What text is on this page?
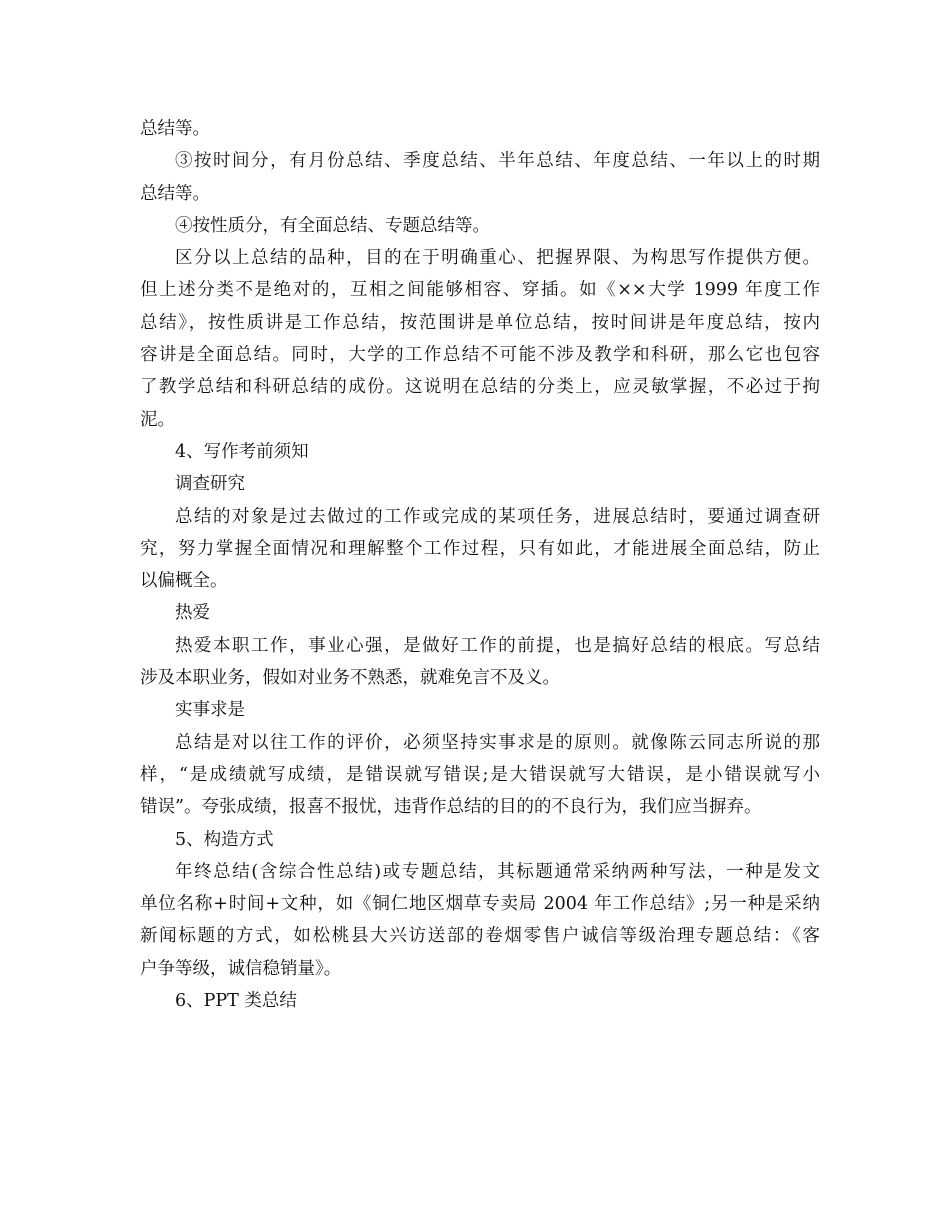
总结等。
③按时间分，有月份总结、季度总结、半年总结、年度总结、一年以上的时期
总结等。
④按性质分，有全面总结、专题总结等。
区分以上总结的品种，目的在于明确重心、把握界限、为构思写作提供方便。
但上述分类不是绝对的，互相之间能够相容、穿插。如《××大学 1999 年度工作
总结》，按性质讲是工作总结，按范围讲是单位总结，按时间讲是年度总结，按内
容讲是全面总结。同时，大学的工作总结不可能不涉及教学和科研，那么它也包容
了教学总结和科研总结的成份。这说明在总结的分类上，应灵敏掌握，不必过于拘
泥。
4、写作考前须知
调查研究
总结的对象是过去做过的工作或完成的某项任务，进展总结时，要通过调查研
究，努力掌握全面情况和理解整个工作过程，只有如此，才能进展全面总结，防止
以偏概全。
热爱
热爱本职工作，事业心强，是做好工作的前提，也是搞好总结的根底。写总结
涉及本职业务，假如对业务不熟悉，就难免言不及义。
实事求是
总结是对以往工作的评价，必须坚持实事求是的原则。就像陈云同志所说的那
样，“是成绩就写成绩，是错误就写错误;是大错误就写大错误，是小错误就写小
错误”。夸张成绩，报喜不报忧，违背作总结的目的的不良行为，我们应当摒弃。
5、构造方式
年终总结(含综合性总结)或专题总结，其标题通常采纳两种写法，一种是发文
单位名称+时间+文种，如《铜仁地区烟草专卖局 2004 年工作总结》;另一种是采纳
新闻标题的方式，如松桃县大兴访送部的卷烟零售户诚信等级治理专题总结：《客
户争等级，诚信稳销量》。
6、PPT 类总结
